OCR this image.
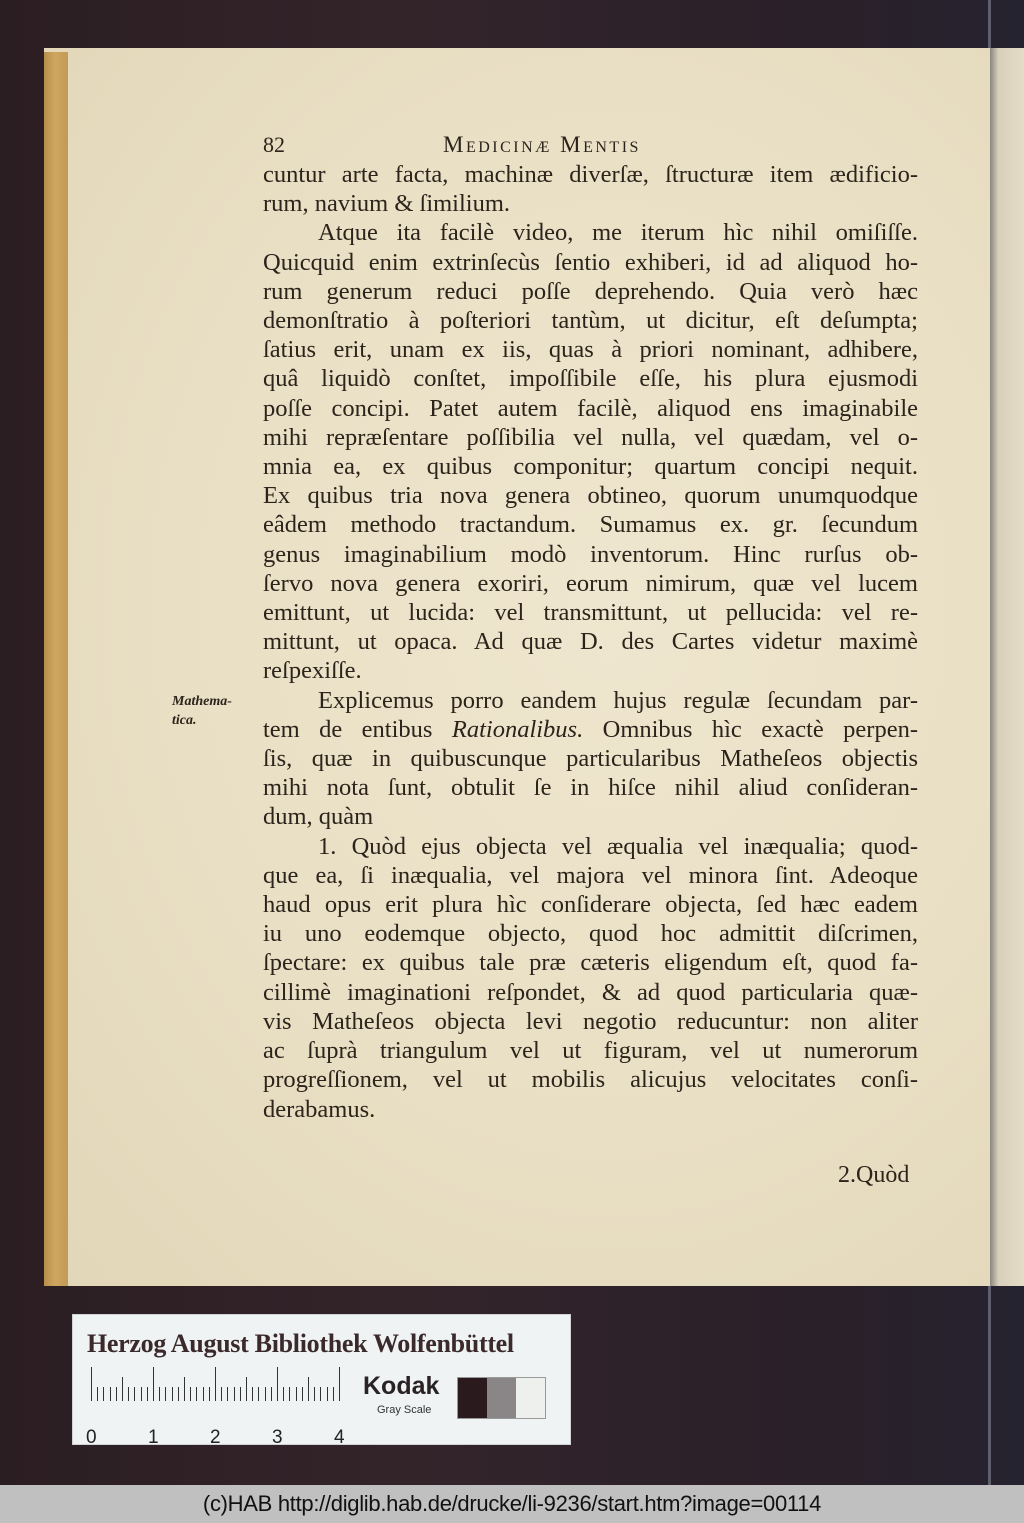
82	Medicinæ Mentis
cuntur arte facta, machinæ diverſæ, ſtructuræ item ædificio-
rum, navium & ſimilium.
Atque ita facilè video, me iterum hìc nihil omiſiſſe.
Quicquid enim extrinſecùs ſentio exhiberi, id ad aliquod ho-
rum generum reduci poſſe deprehendo. Quia verò hæc
demonſtratio à poſteriori tantùm, ut dicitur, eſt deſumpta;
ſatius erit, unam ex iis, quas à priori nominant, adhibere,
quâ liquidò conſtet, impoſſibile eſſe, his plura ejusmodi
poſſe concipi. Patet autem facilè, aliquod ens imaginabile
mihi repræſentare poſſibilia vel nulla, vel quædam, vel o-
mnia ea, ex quibus componitur; quartum concipi nequit.
Ex quibus tria nova genera obtineo, quorum unumquodque
eâdem methodo tractandum. Sumamus ex. gr. ſecundum
genus imaginabilium modò inventorum. Hinc rurſus ob-
ſervo nova genera exoriri, eorum nimirum, quæ vel lucem
emittunt, ut lucida: vel transmittunt, ut pellucida: vel re-
mittunt, ut opaca. Ad quæ D. des Cartes videtur maximè
reſpexiſſe.
Explicemus porro eandem hujus regulæ ſecundam par-
tem de entibus Rationalibus. Omnibus hìc exactè perpen-
ſis, quæ in quibuscunque particularibus Matheſeos objectis
mihi nota ſunt, obtulit ſe in hiſce nihil aliud conſideran-
dum, quàm
1. Quòd ejus objecta vel æqualia vel inæqualia; quod-
que ea, ſi inæqualia, vel majora vel minora ſint. Adeoque
haud opus erit plura hìc conſiderare objecta, ſed hæc eadem
iu uno eodemque objecto, quod hoc admittit diſcrimen,
ſpectare: ex quibus tale præ cæteris eligendum eſt, quod fa-
cillimè imaginationi reſpondet, & ad quod particularia quæ-
vis Matheſeos objecta levi negotio reducuntur: non aliter
ac ſuprà triangulum vel ut figuram, vel ut numerorum
progreſſionem, vel ut mobilis alicujus velocitates conſi-
derabamus.
Mathema-
tica.
2.Quòd
Herzog August Bibliothek Wolfenbüttel
0	1	2	3	4
Kodak
Gray Scale
(c)HAB http://diglib.hab.de/drucke/li-9236/start.htm?image=00114
